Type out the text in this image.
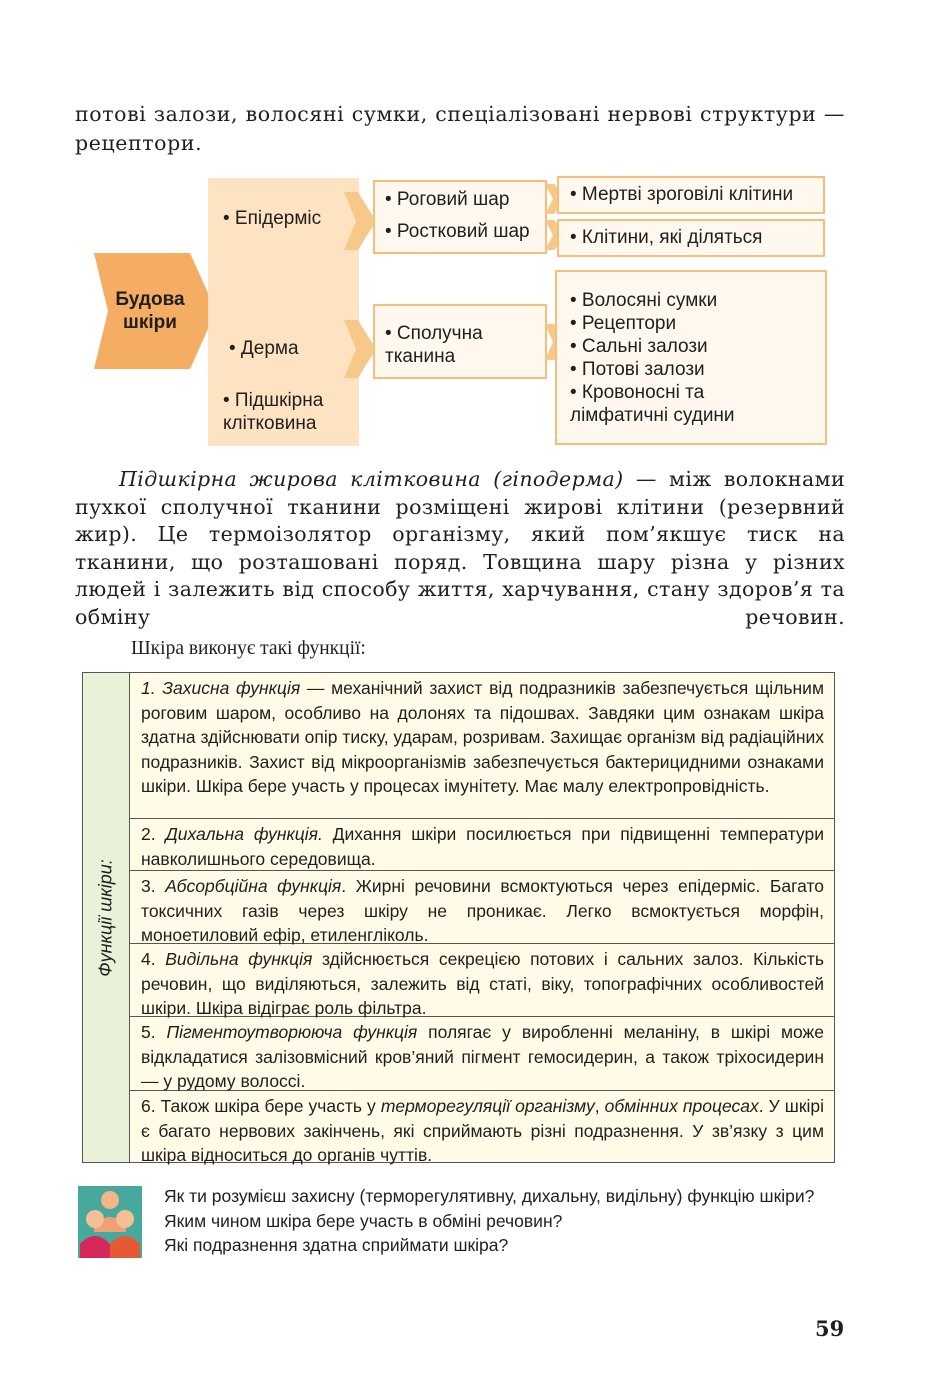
потові залози, волосяні сумки, спеціалізовані нервові структури — рецептори.

Будова шкіри
• Епідерміс
• Дерма
• Підшкірна клітковина
• Роговий шар
• Ростковий шар
• Сполучна тканина
• Мертві зроговілі клітини
• Клітини, які діляться
• Волосяні сумки
• Рецептори
• Сальні залози
• Потові залози
• Кровоносні та лімфатичні судини

Підшкірна жирова клітковина (гіподерма) — між волокнами пухкої сполучної тканини розміщені жирові клітини (резервний жир). Це термоізолятор організму, який пом’якшує тиск на тканини, що розташовані поряд. Товщина шару різна у різних людей і залежить від способу життя, харчування, стану здоров’я та обміну речовин.

Шкіра виконує такі функції:

Функції шкіри:
1. Захисна функція — механічний захист від подразників забезпечується щільним роговим шаром, особливо на долонях та підошвах. Завдяки цим ознакам шкіра здатна здійснювати опір тиску, ударам, розривам. Захищає організм від радіаційних подразників. Захист від мікроорганізмів забезпечується бактерицидними ознаками шкіри. Шкіра бере участь у процесах імунітету. Має малу електропровідність.
2. Дихальна функція. Дихання шкіри посилюється при підвищенні температури навколишнього середовища.
3. Абсорбційна функція. Жирні речовини всмоктуються через епідерміс. Багато токсичних газів через шкіру не проникає. Легко всмоктується морфін, моноетиловий ефір, етиленгліколь.
4. Видільна функція здійснюється секрецією потових і сальних залоз. Кількість речовин, що виділяються, залежить від статі, віку, топографічних особливостей шкіри. Шкіра відіграє роль фільтра.
5. Пігментоутворююча функція полягає у виробленні меланіну, в шкірі може відкладатися залізовмісний кров’яний пігмент гемосидерин, а також тріхосидерин — у рудому волоссі.
6. Також шкіра бере участь у терморегуляції організму, обмінних процесах. У шкірі є багато нервових закінчень, які сприймають різні подразнення. У зв’язку з цим шкіра відноситься до органів чуттів.

Як ти розумієш захисну (терморегулятивну, дихальну, видільну) функцію шкіри?

Яким чином шкіра бере участь в обміні речовин?

Які подразнення здатна сприймати шкіра?

59
